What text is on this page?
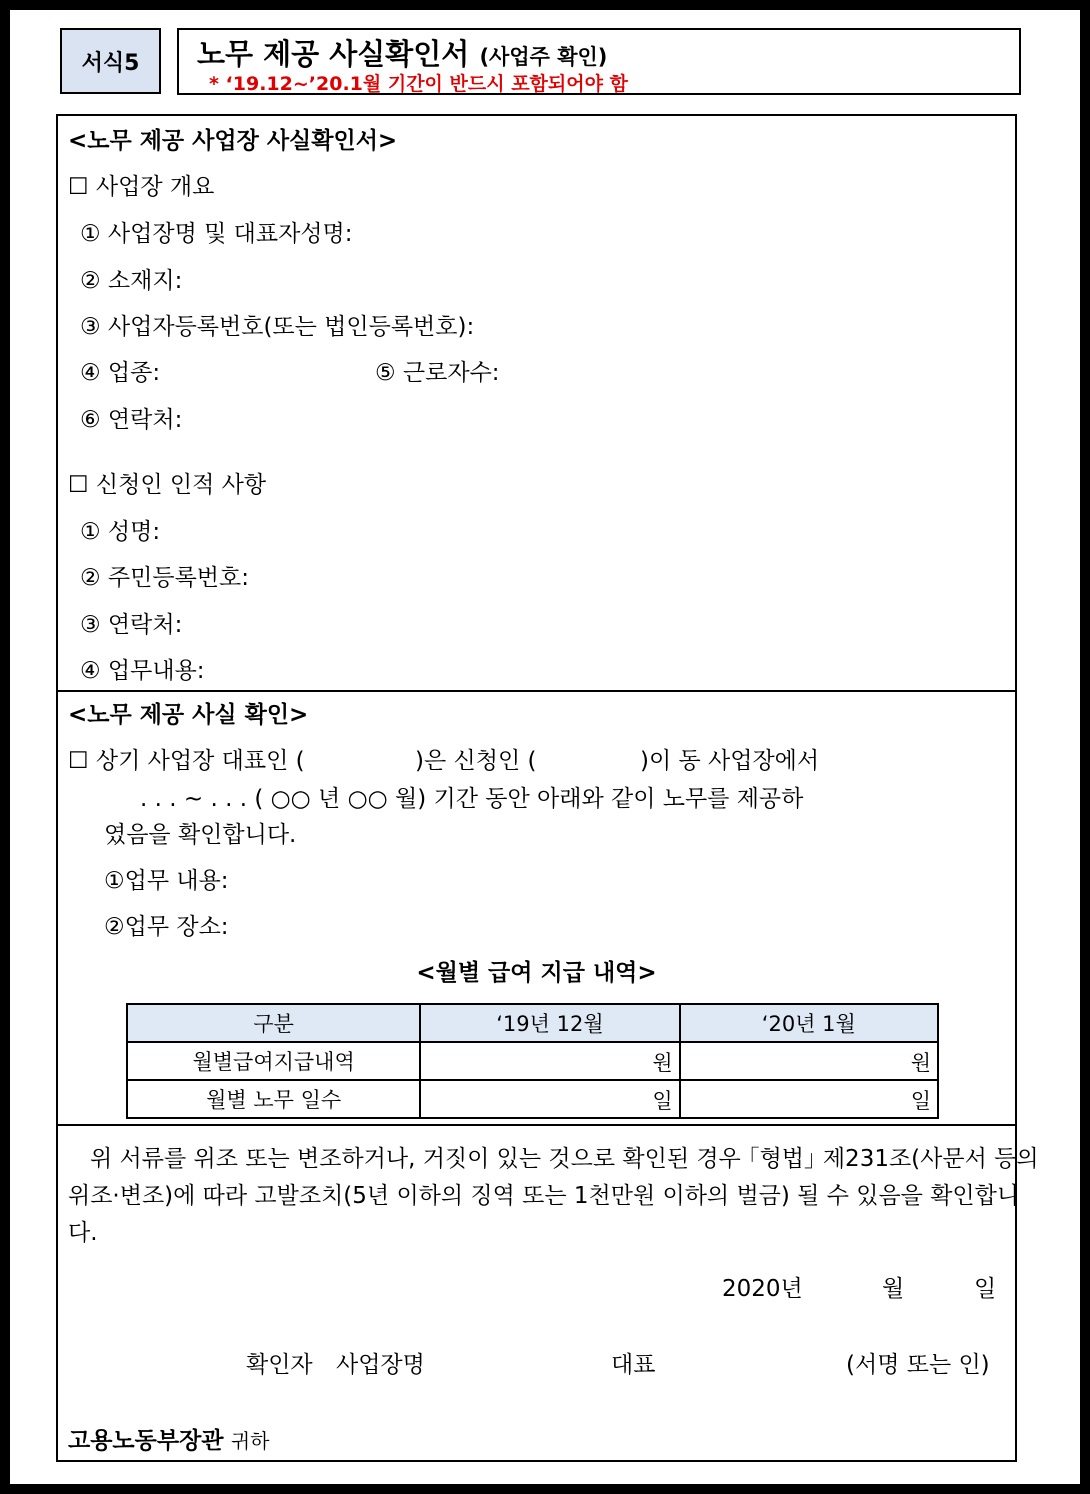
서식5	노무 제공 사실확인서 (사업주 확인)
* ‘19.12~’20.1월 기간이 반드시 포함되어야 함
<노무 제공 사업장 사실확인서>
☐ 사업장 개요
① 사업장명 및 대표자성명:
② 소재지:
③ 사업자등록번호(또는 법인등록번호):
④ 업종:	⑤ 근로자수:
⑥ 연락처:
☐ 신청인 인적 사항
① 성명:
② 주민등록번호:
③ 연락처:
④ 업무내용:
<노무 제공 사실 확인>
☐ 상기 사업장 대표인 (	)은 신청인 (	)이 동 사업장에서
. . . ~ . . . ( ○○ 년 ○○ 월) 기간 동안 아래와 같이 노무를 제공하
였음을 확인합니다.
①업무 내용:
②업무 장소:
<월별 급여 지급 내역>
구분	‘19년 12월	‘20년 1월
월별급여지급내역	원	원
월별 노무 일수	일	일
위 서류를 위조 또는 변조하거나, 거짓이 있는 것으로 확인된 경우 ｢형법｣ 제231조(사문서 등의
위조·변조)에 따라 고발조치(5년 이하의 징역 또는 1천만원 이하의 벌금) 될 수 있음을 확인합니
다.
2020년	월	일
확인자 사업장명	대표	(서명 또는 인)
고용노동부장관 귀하
